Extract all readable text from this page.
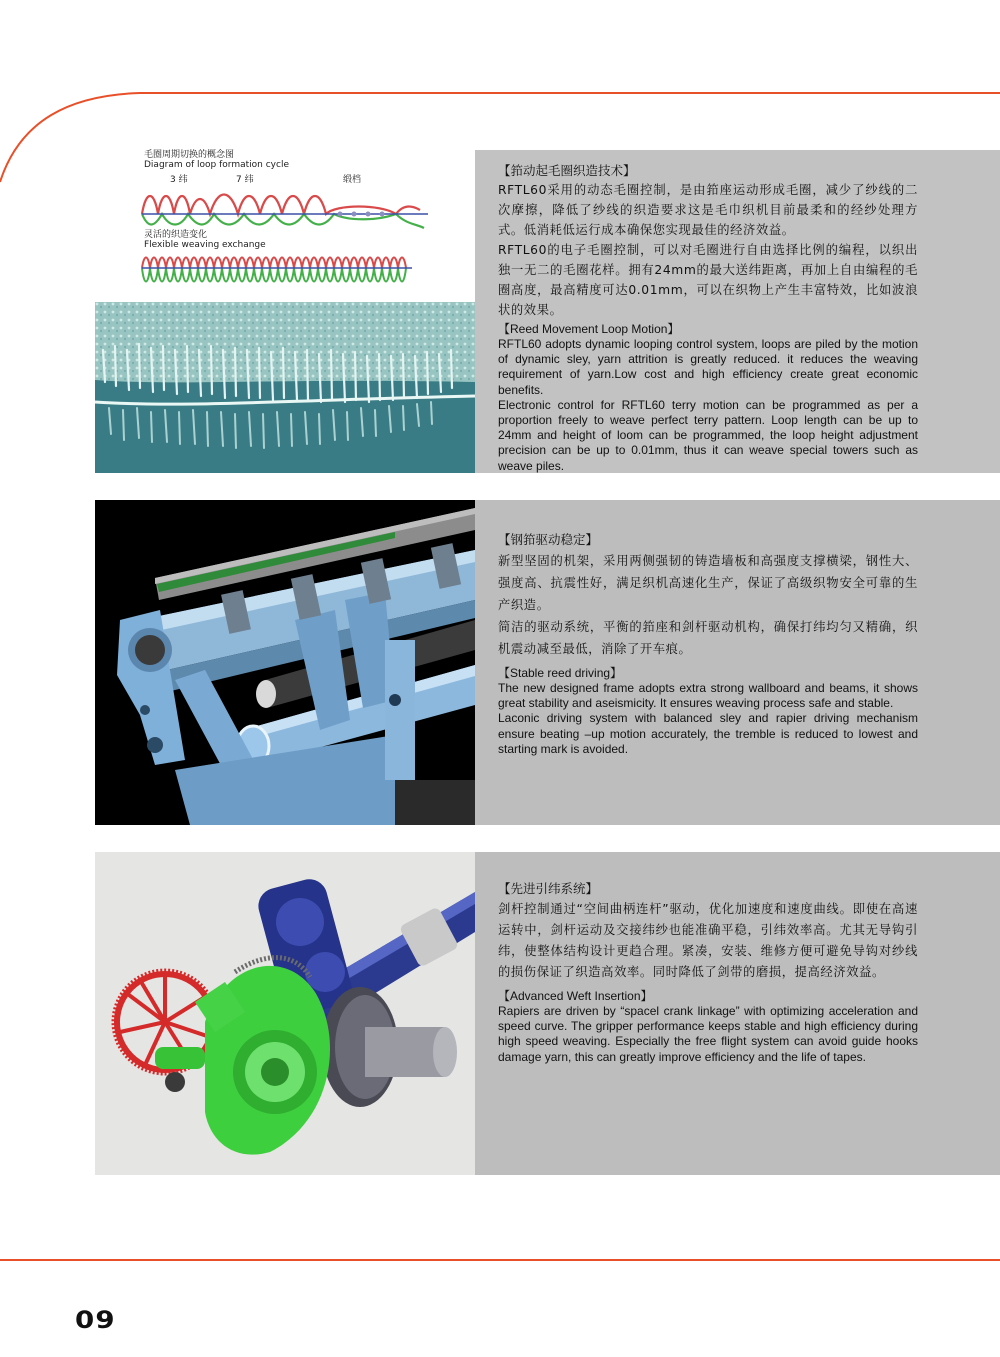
【筘动起毛圈织造技术】
RFTL60采用的动态毛圈控制，是由筘座运动形成毛圈，减少了纱线的二次摩擦，降低了纱线的织造要求这是毛巾织机目前最柔和的经纱处理方式。低消耗低运行成本确保您实现最佳的经济效益。
RFTL60的电子毛圈控制，可以对毛圈进行自由选择比例的编程，以织出独一无二的毛圈花样。拥有24mm的最大送纬距离，再加上自由编程的毛圈高度，最高精度可达0.01mm，可以在织物上产生丰富特效，比如波浪状的效果。
【Reed Movement Loop Motion】
RFTL60 adopts dynamic looping control system, loops are piled by the motion of dynamic sley, yarn attrition is greatly reduced. it reduces the weaving requirement of yarn.Low cost and high efficiency create great economic benefits.
Electronic control for RFTL60 terry motion can be programmed as per a proportion freely to weave perfect terry pattern. Loop length can be up to 24mm and height of loom can be programmed, the loop height adjustment precision can be up to 0.01mm, thus it can weave special towers such as weave piles.
毛圈周期切换的概念图
Diagram of loop formation cycle
3 纬	7 纬	缎档
灵活的织造变化
Flexible weaving exchange
【钢筘驱动稳定】
新型坚固的机架，采用两侧强韧的铸造墙板和高强度支撑横梁，钢性大、强度高、抗震性好，满足织机高速化生产，保证了高级织物安全可靠的生产织造。
简洁的驱动系统，平衡的筘座和剑杆驱动机构，确保打纬均匀又精确，织机震动减至最低，消除了开车痕。
【Stable reed driving】
The new designed frame adopts extra strong wallboard and beams, it shows great stability and aseismicity. It ensures weaving process safe and stable.
Laconic driving system with balanced sley and rapier driving mechanism ensure beating –up motion accurately, the tremble is reduced to lowest and starting mark is avoided.
【先进引纬系统】
剑杆控制通过“空间曲柄连杆”驱动，优化加速度和速度曲线。即使在高速运转中，剑杆运动及交接纬纱也能准确平稳，引纬效率高。尤其无导钩引纬，使整体结构设计更趋合理。紧凑，安装、维修方便可避免导钩对纱线的损伤保证了织造高效率。同时降低了剑带的磨损，提高经济效益。
【Advanced Weft Insertion】
Rapiers are driven by “spacel crank linkage” with optimizing acceleration and speed curve. The gripper performance keeps stable and high efficiency during high speed weaving. Especially the free flight system can avoid guide hooks damage yarn, this can greatly improve efficiency and the life of tapes.
09
